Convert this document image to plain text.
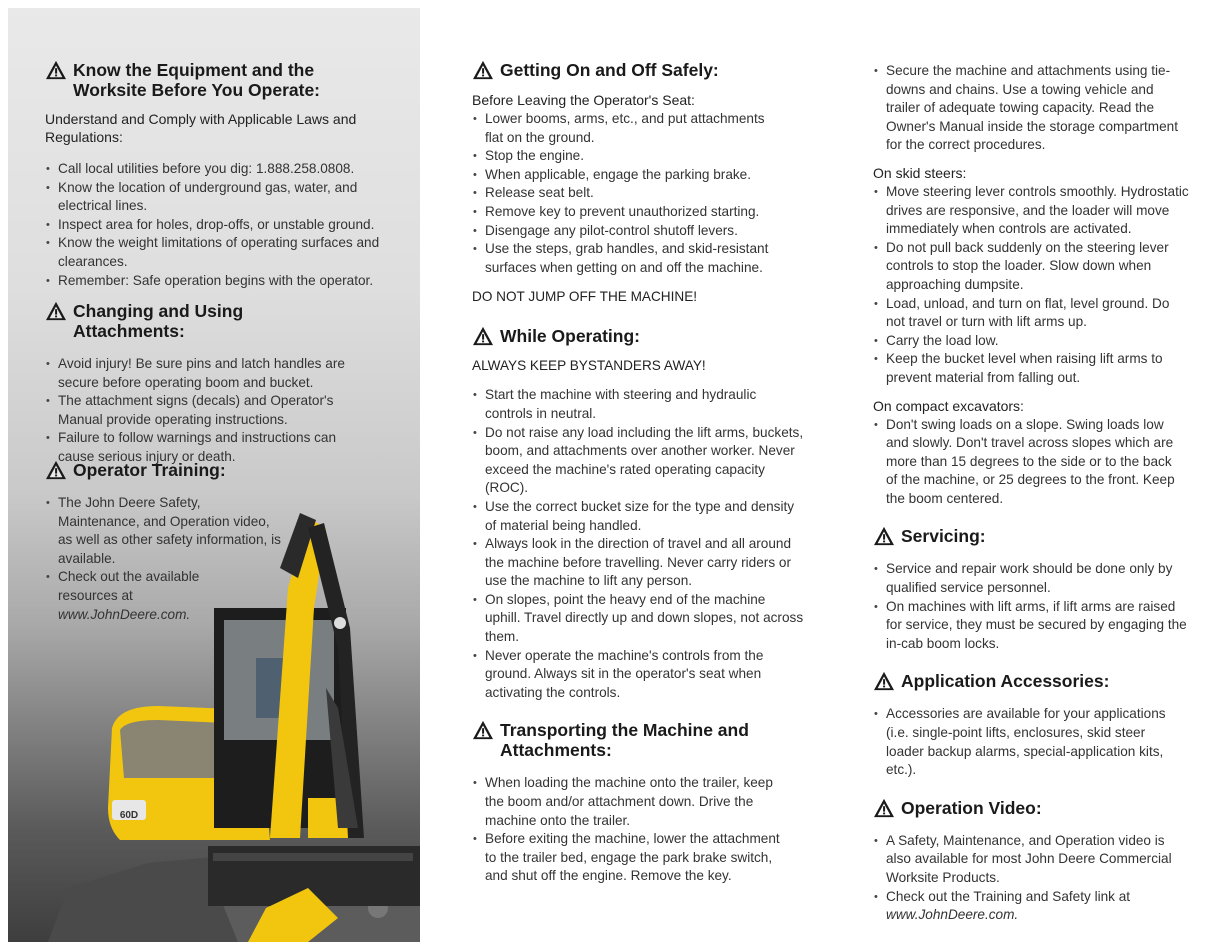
60D
Know the Equipment and the Worksite Before You Operate:

Understand and Comply with Applicable Laws and Regulations:

• Call local utilities before you dig: 1.888.258.0808.
• Know the location of underground gas, water, and electrical lines.
• Inspect area for holes, drop-offs, or unstable ground.
• Know the weight limitations of operating surfaces and clearances.
• Remember: Safe operation begins with the operator.
Changing and Using Attachments:
• Avoid injury! Be sure pins and latch handles are secure before operating boom and bucket.
• The attachment signs (decals) and Operator's Manual provide operating instructions.
• Failure to follow warnings and instructions can cause serious injury or death.
Operator Training:
• The John Deere Safety, Maintenance, and Operation video, as well as other safety information, is available.
• Check out the available resources at www.JohnDeere.com.
Getting On and Off Safely:

Before Leaving the Operator's Seat:

• Lower booms, arms, etc., and put attachments flat on the ground.
• Stop the engine.
• When applicable, engage the parking brake.
• Release seat belt.
• Remove key to prevent unauthorized starting.
• Disengage any pilot-control shutoff levers.
• Use the steps, grab handles, and skid-resistant surfaces when getting on and off the machine.

DO NOT JUMP OFF THE MACHINE!

While Operating:

ALWAYS KEEP BYSTANDERS AWAY!

• Start the machine with steering and hydraulic controls in neutral.
• Do not raise any load including the lift arms, buckets, boom, and attachments over another worker. Never exceed the machine's rated operating capacity (ROC).
• Use the correct bucket size for the type and density of material being handled.
• Always look in the direction of travel and all around the machine before travelling. Never carry riders or use the machine to lift any person.
• On slopes, point the heavy end of the machine uphill. Travel directly up and down slopes, not across them.
• Never operate the machine's controls from the ground. Always sit in the operator's seat when activating the controls.
Transporting the Machine and Attachments:
• When loading the machine onto the trailer, keep the boom and/or attachment down. Drive the machine onto the trailer.
• Before exiting the machine, lower the attachment to the trailer bed, engage the park brake switch, and shut off the engine. Remove the key.
• Secure the machine and attachments using tie-downs and chains. Use a towing vehicle and trailer of adequate towing capacity. Read the Owner's Manual inside the storage compartment for the correct procedures.

On skid steers:

• Move steering lever controls smoothly. Hydrostatic drives are responsive, and the loader will move immediately when controls are activated.
• Do not pull back suddenly on the steering lever controls to stop the loader. Slow down when approaching dumpsite.
• Load, unload, and turn on flat, level ground. Do not travel or turn with lift arms up.
• Carry the load low.
• Keep the bucket level when raising lift arms to prevent material from falling out.

On compact excavators:

• Don't swing loads on a slope. Swing loads low and slowly. Don't travel across slopes which are more than 15 degrees to the side or to the back of the machine, or 25 degrees to the front. Keep the boom centered.
Servicing:
• Service and repair work should be done only by qualified service personnel.
• On machines with lift arms, if lift arms are raised for service, they must be secured by engaging the in-cab boom locks.
Application Accessories:
• Accessories are available for your applications (i.e. single-point lifts, enclosures, skid steer loader backup alarms, special-application kits, etc.).
Operation Video:
• A Safety, Maintenance, and Operation video is also available for most John Deere Commercial Worksite Products.
• Check out the Training and Safety link at www.JohnDeere.com.
